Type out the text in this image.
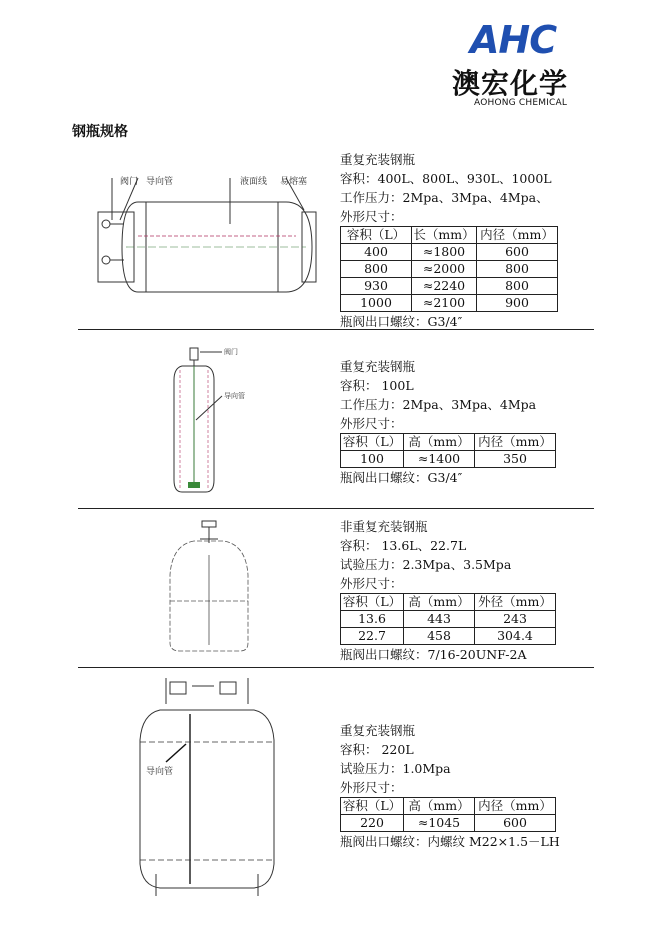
AHC
澳宏化学
AOHONG CHEMICAL
钢瓶规格
阀门 导向管	液面线 易熔塞
重复充装钢瓶
容积：400L、800L、930L、1000L
工作压力：2Mpa、3Mpa、4Mpa、
外形尺寸：
容积（L）	长（mm）	内径（mm）
400	≈1800	600
800	≈2000	800
930	≈2240	800
1000	≈2100	900
瓶阀出口螺纹：G3/4″
阀门
导向管
重复充装钢瓶
容积： 100L
工作压力：2Mpa、3Mpa、4Mpa
外形尺寸：
容积（L）	高（mm）	内径（mm）
100	≈1400	350
瓶阀出口螺纹：G3/4″
非重复充装钢瓶
容积： 13.6L、22.7L
试验压力：2.3Mpa、3.5Mpa
外形尺寸：
容积（L）	高（mm）	外径（mm）
13.6	443	243
22.7	458	304.4
瓶阀出口螺纹：7/16-20UNF-2A
导向管
重复充装钢瓶
容积： 220L
试验压力：1.0Mpa
外形尺寸：
容积（L）	高（mm）	内径（mm）
220	≈1045	600
瓶阀出口螺纹：内螺纹 M22×1.5－LH
